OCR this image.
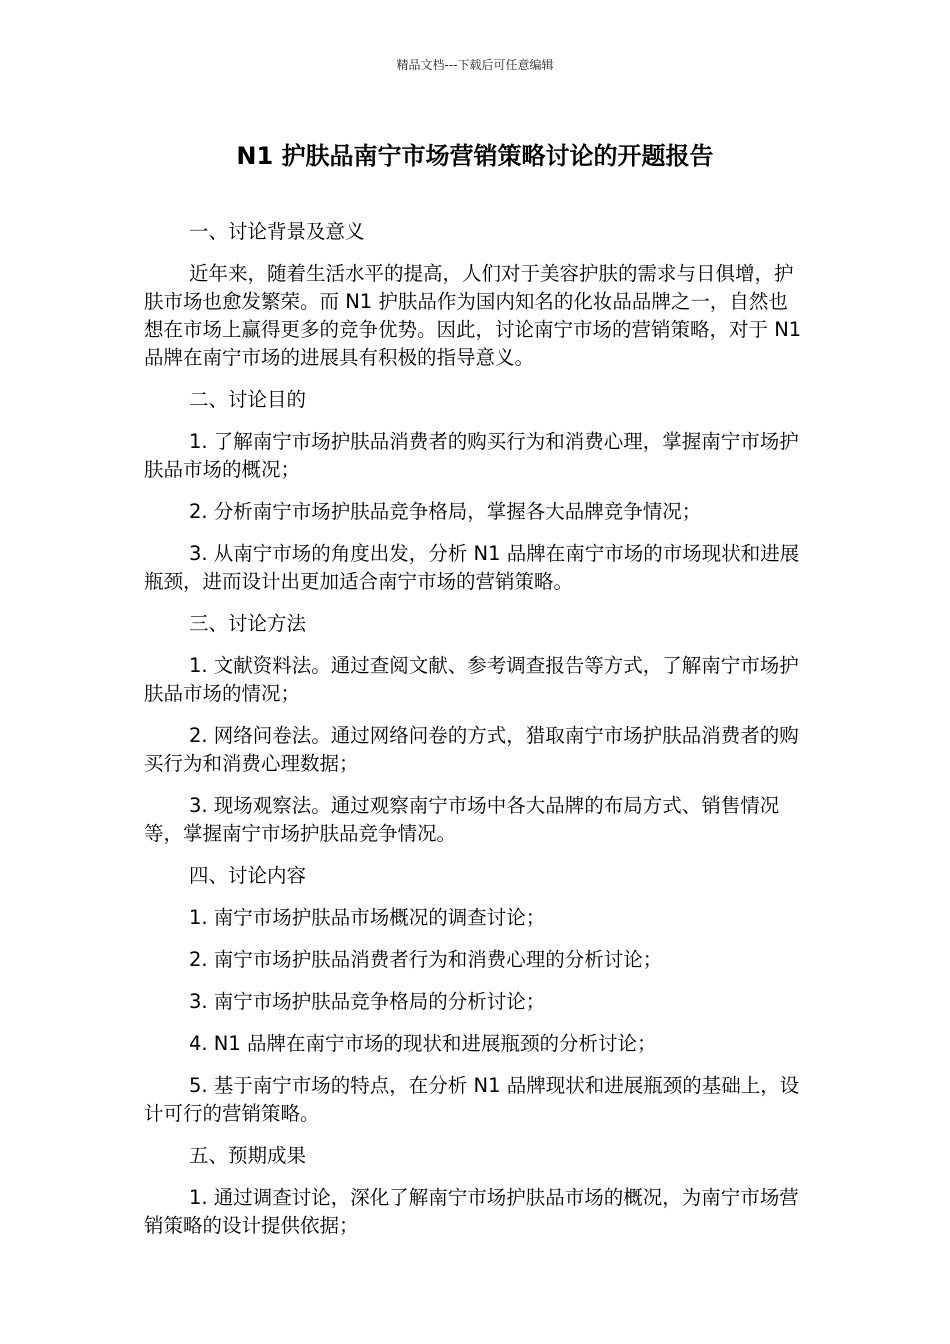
精品文档---下载后可任意编辑
N1 护肤品南宁市场营销策略讨论的开题报告

一、讨论背景及意义

近年来，随着生活水平的提高，人们对于美容护肤的需求与日俱增，护肤市场也愈发繁荣。而 N1 护肤品作为国内知名的化妆品品牌之一，自然也想在市场上赢得更多的竞争优势。因此，讨论南宁市场的营销策略，对于 N1 品牌在南宁市场的进展具有积极的指导意义。

二、讨论目的

1. 了解南宁市场护肤品消费者的购买行为和消费心理，掌握南宁市场护肤品市场的概况；

2. 分析南宁市场护肤品竞争格局，掌握各大品牌竞争情况；

3. 从南宁市场的角度出发，分析 N1 品牌在南宁市场的市场现状和进展瓶颈，进而设计出更加适合南宁市场的营销策略。

三、讨论方法

1. 文献资料法。通过查阅文献、参考调查报告等方式，了解南宁市场护肤品市场的情况；

2. 网络问卷法。通过网络问卷的方式，猎取南宁市场护肤品消费者的购买行为和消费心理数据；

3. 现场观察法。通过观察南宁市场中各大品牌的布局方式、销售情况等，掌握南宁市场护肤品竞争情况。

四、讨论内容

1. 南宁市场护肤品市场概况的调查讨论；

2. 南宁市场护肤品消费者行为和消费心理的分析讨论；

3. 南宁市场护肤品竞争格局的分析讨论；

4. N1 品牌在南宁市场的现状和进展瓶颈的分析讨论；

5. 基于南宁市场的特点，在分析 N1 品牌现状和进展瓶颈的基础上，设计可行的营销策略。

五、预期成果

1. 通过调查讨论，深化了解南宁市场护肤品市场的概况，为南宁市场营销策略的设计提供依据；
